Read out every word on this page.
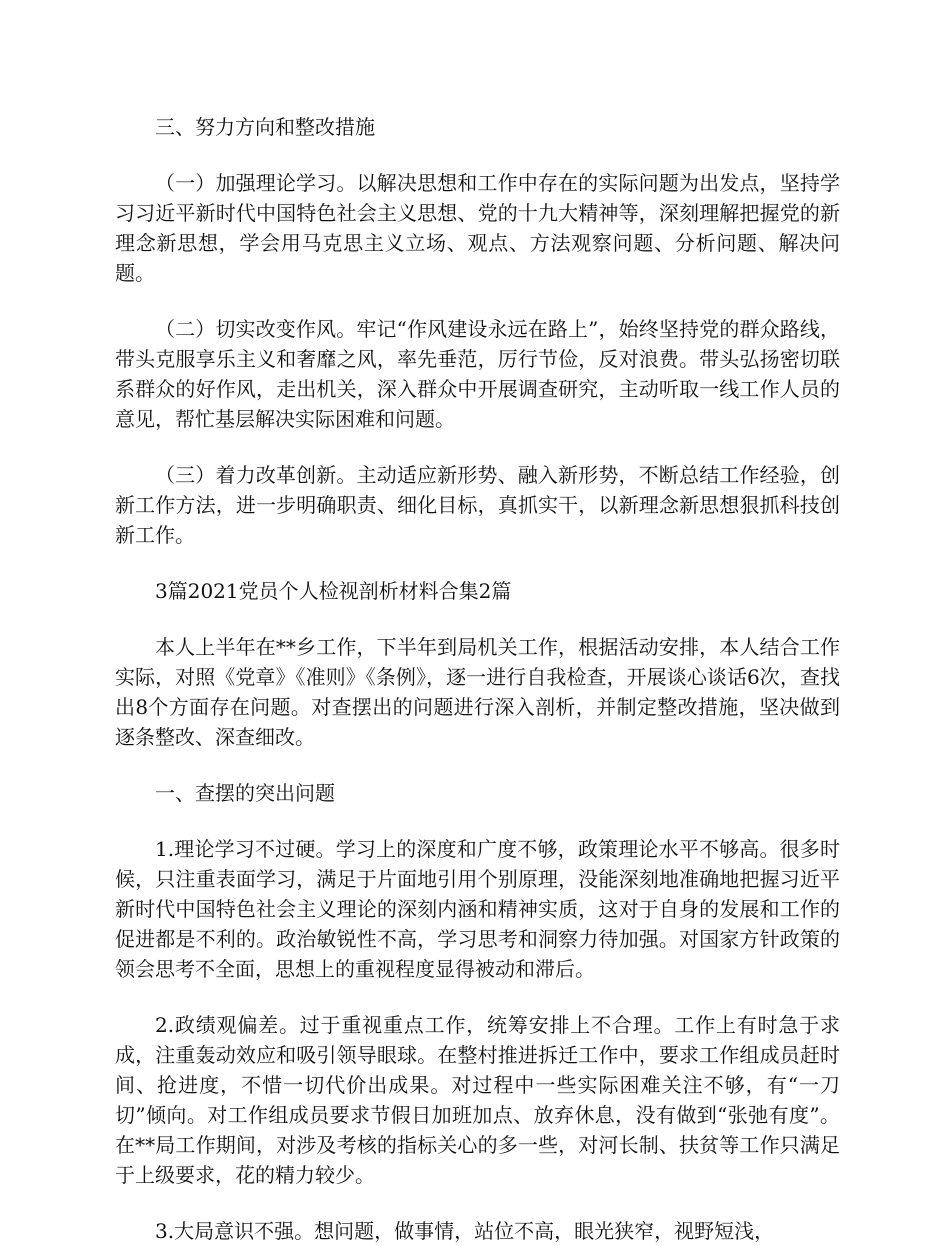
三、努力方向和整改措施

（一）加强理论学习。以解决思想和工作中存在的实际问题为出发点，坚持学习习近平新时代中国特色社会主义思想、党的十九大精神等，深刻理解把握党的新理念新思想，学会用马克思主义立场、观点、方法观察问题、分析问题、解决问题。

（二）切实改变作风。牢记“作风建设永远在路上”，始终坚持党的群众路线，带头克服享乐主义和奢靡之风，率先垂范，厉行节俭，反对浪费。带头弘扬密切联系群众的好作风，走出机关，深入群众中开展调查研究，主动听取一线工作人员的意见，帮忙基层解决实际困难和问题。

（三）着力改革创新。主动适应新形势、融入新形势，不断总结工作经验，创新工作方法，进一步明确职责、细化目标，真抓实干，以新理念新思想狠抓科技创新工作。

3篇2021党员个人检视剖析材料合集2篇

本人上半年在**乡工作，下半年到局机关工作，根据活动安排，本人结合工作实际，对照《党章》《准则》《条例》，逐一进行自我检查，开展谈心谈话6次，查找出8个方面存在问题。对查摆出的问题进行深入剖析，并制定整改措施，坚决做到逐条整改、深查细改。

一、查摆的突出问题

1.理论学习不过硬。学习上的深度和广度不够，政策理论水平不够高。很多时候，只注重表面学习，满足于片面地引用个别原理，没能深刻地准确地把握习近平新时代中国特色社会主义理论的深刻内涵和精神实质，这对于自身的发展和工作的促进都是不利的。政治敏锐性不高，学习思考和洞察力待加强。对国家方针政策的领会思考不全面，思想上的重视程度显得被动和滞后。

2.政绩观偏差。过于重视重点工作，统筹安排上不合理。工作上有时急于求成，注重轰动效应和吸引领导眼球。在整村推进拆迁工作中，要求工作组成员赶时间、抢进度，不惜一切代价出成果。对过程中一些实际困难关注不够，有“一刀切”倾向。对工作组成员要求节假日加班加点、放弃休息，没有做到“张弛有度”。在**局工作期间，对涉及考核的指标关心的多一些，对河长制、扶贫等工作只满足于上级要求，花的精力较少。

3.大局意识不强。想问题，做事情，站位不高，眼光狭窄，视野短浅，
